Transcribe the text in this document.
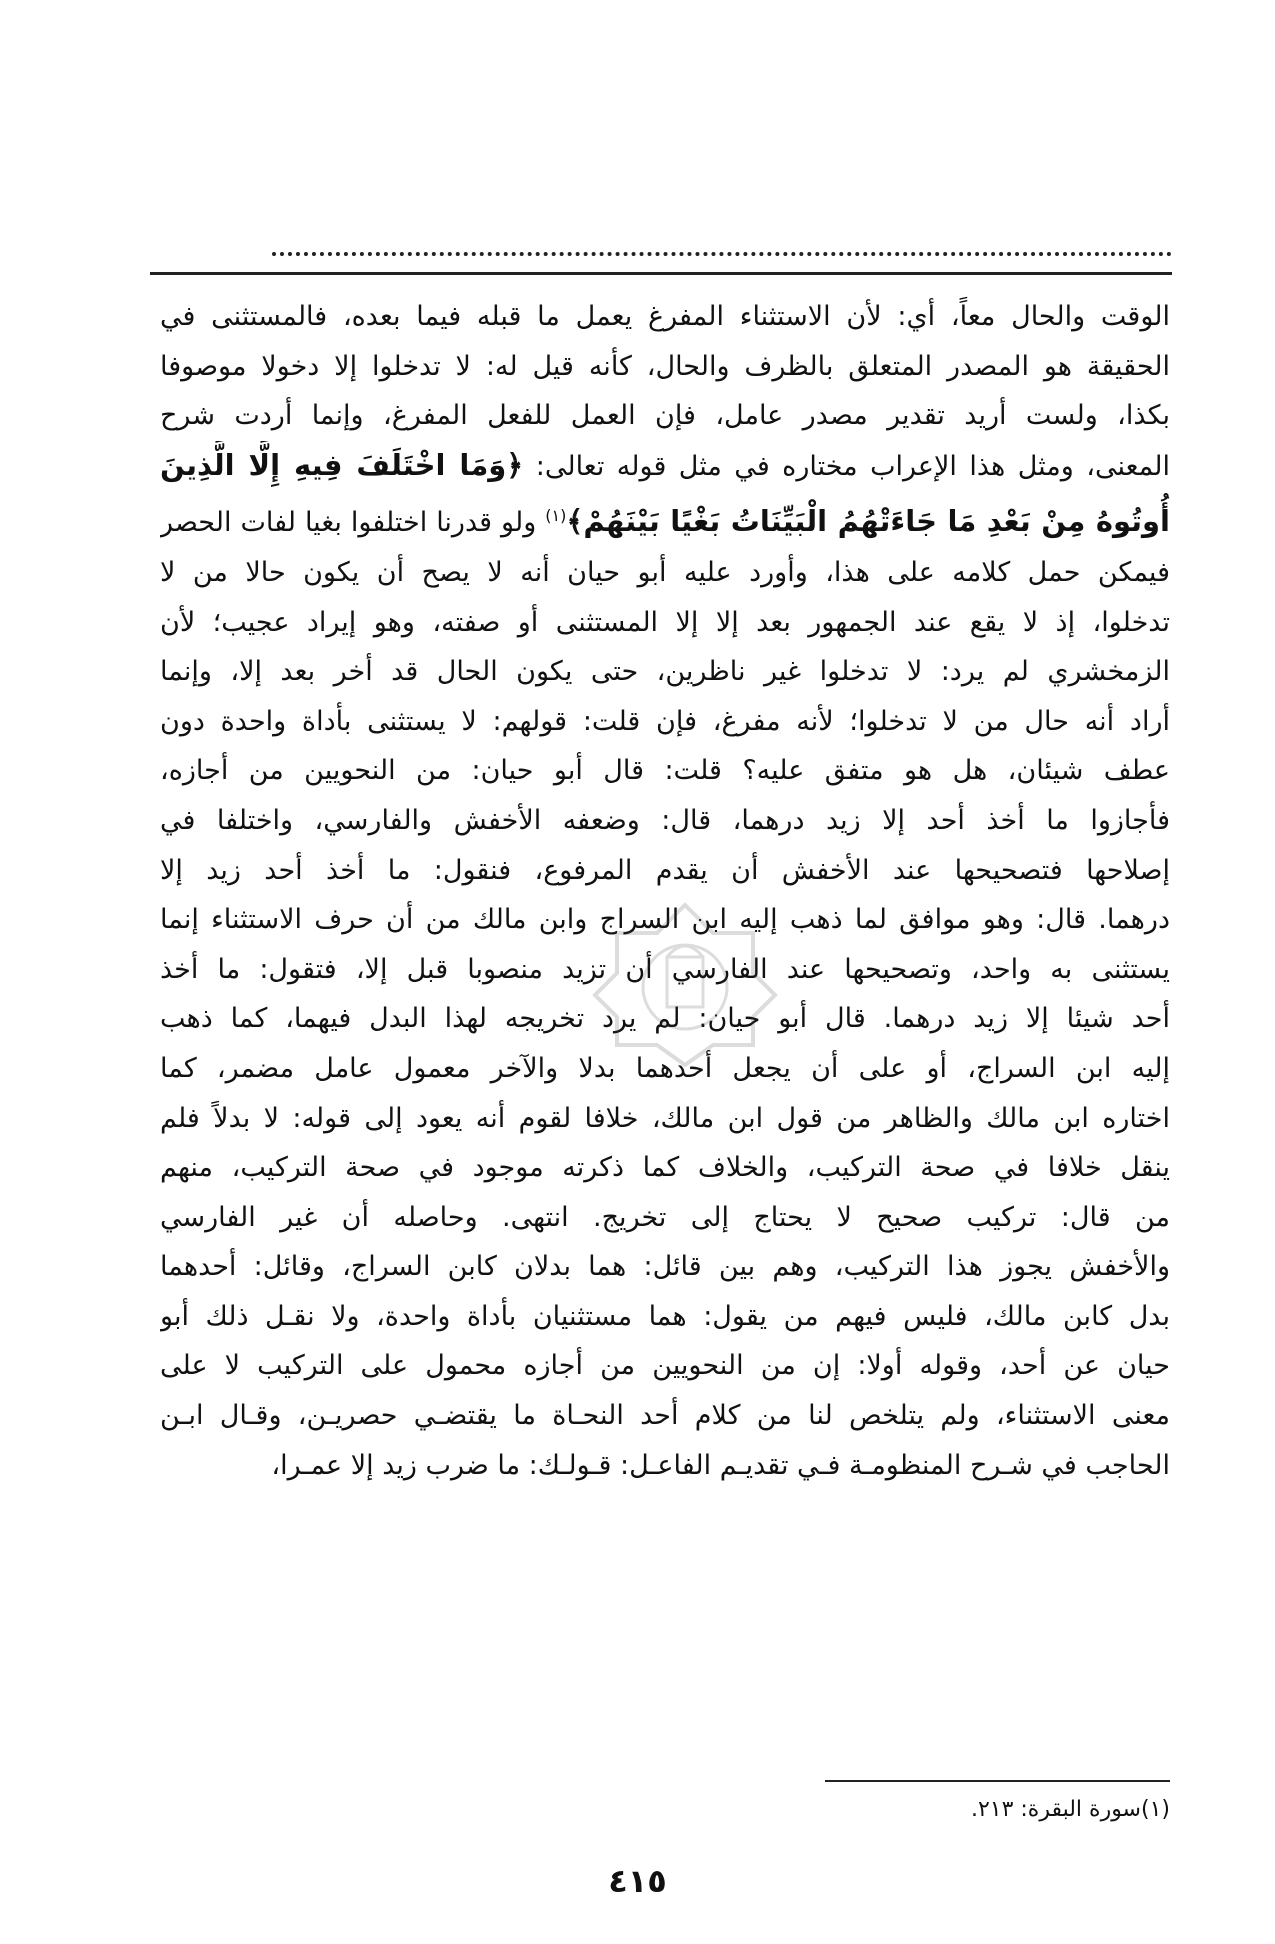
الوقت والحال معاً، أي: لأن الاستثناء المفرغ يعمل ما قبله فيما بعده، فالمستثنى في
الحقيقة هو المصدر المتعلق بالظرف والحال، كأنه قيل له: لا تدخلوا إلا دخولا موصوفا
بكذا، ولست أريد تقدير مصدر عامل، فإن العمل للفعل المفرغ، وإنما أردت شرح
المعنى، ومثل هذا الإعراب مختاره في مثل قوله تعالى: ﴿وَمَا اخْتَلَفَ فِيهِ إِلَّا الَّذِينَ
أُوتُوهُ مِنْ بَعْدِ مَا جَاءَتْهُمُ الْبَيِّنَاتُ بَغْيًا بَيْنَهُمْ﴾$^{(١)}$ ولو قدرنا اختلفوا بغيا لفات الحصر
فيمكن حمل كلامه على هذا، وأورد عليه أبو حيان أنه لا يصح أن يكون حالا من لا
تدخلوا، إذ لا يقع عند الجمهور بعد إلا إلا المستثنى أو صفته، وهو إيراد عجيب؛ لأن
الزمخشري لم يرد: لا تدخلوا غير ناظرين، حتى يكون الحال قد أخر بعد إلا، وإنما
أراد أنه حال من لا تدخلوا؛ لأنه مفرغ، فإن قلت: قولهم: لا يستثنى بأداة واحدة دون
عطف شيئان، هل هو متفق عليه؟ قلت: قال أبو حيان: من النحويين من أجازه،
فأجازوا ما أخذ أحد إلا زيد درهما، قال: وضعفه الأخفش والفارسي، واختلفا في
إصلاحها فتصحيحها عند الأخفش أن يقدم المرفوع، فنقول: ما أخذ أحد زيد إلا
درهما. قال: وهو موافق لما ذهب إليه ابن السراج وابن مالك من أن حرف الاستثناء إنما
يستثنى به واحد، وتصحيحها عند الفارسي أن تزيد منصوبا قبل إلا، فتقول: ما أخذ
أحد شيئا إلا زيد درهما. قال أبو حيان: لم يرد تخريجه لهذا البدل فيهما، كما ذهب
إليه ابن السراج، أو على أن يجعل أحدهما بدلا والآخر معمول عامل مضمر، كما
اختاره ابن مالك والظاهر من قول ابن مالك، خلافا لقوم أنه يعود إلى قوله: لا بدلاً فلم
ينقل خلافا في صحة التركيب، والخلاف كما ذكرته موجود في صحة التركيب، منهم
من قال: تركيب صحيح لا يحتاج إلى تخريج. انتهى. وحاصله أن غير الفارسي
والأخفش يجوز هذا التركيب، وهم بين قائل: هما بدلان كابن السراج، وقائل: أحدهما
بدل كابن مالك، فليس فيهم من يقول: هما مستثنيان بأداة واحدة، ولا نقـل ذلك أبو
حيان عن أحد، وقوله أولا: إن من النحويين من أجازه محمول على التركيب لا على
معنى الاستثناء، ولم يتلخص لنا من كلام أحد النحـاة ما يقتضـي حصريـن، وقـال ابـن
الحاجب في شـرح المنظومـة فـي تقديـم الفاعـل: قـولـك: ما ضرب زيد إلا عمـرا،
(١)سورة البقرة: ٢١٣.
٤١٥
